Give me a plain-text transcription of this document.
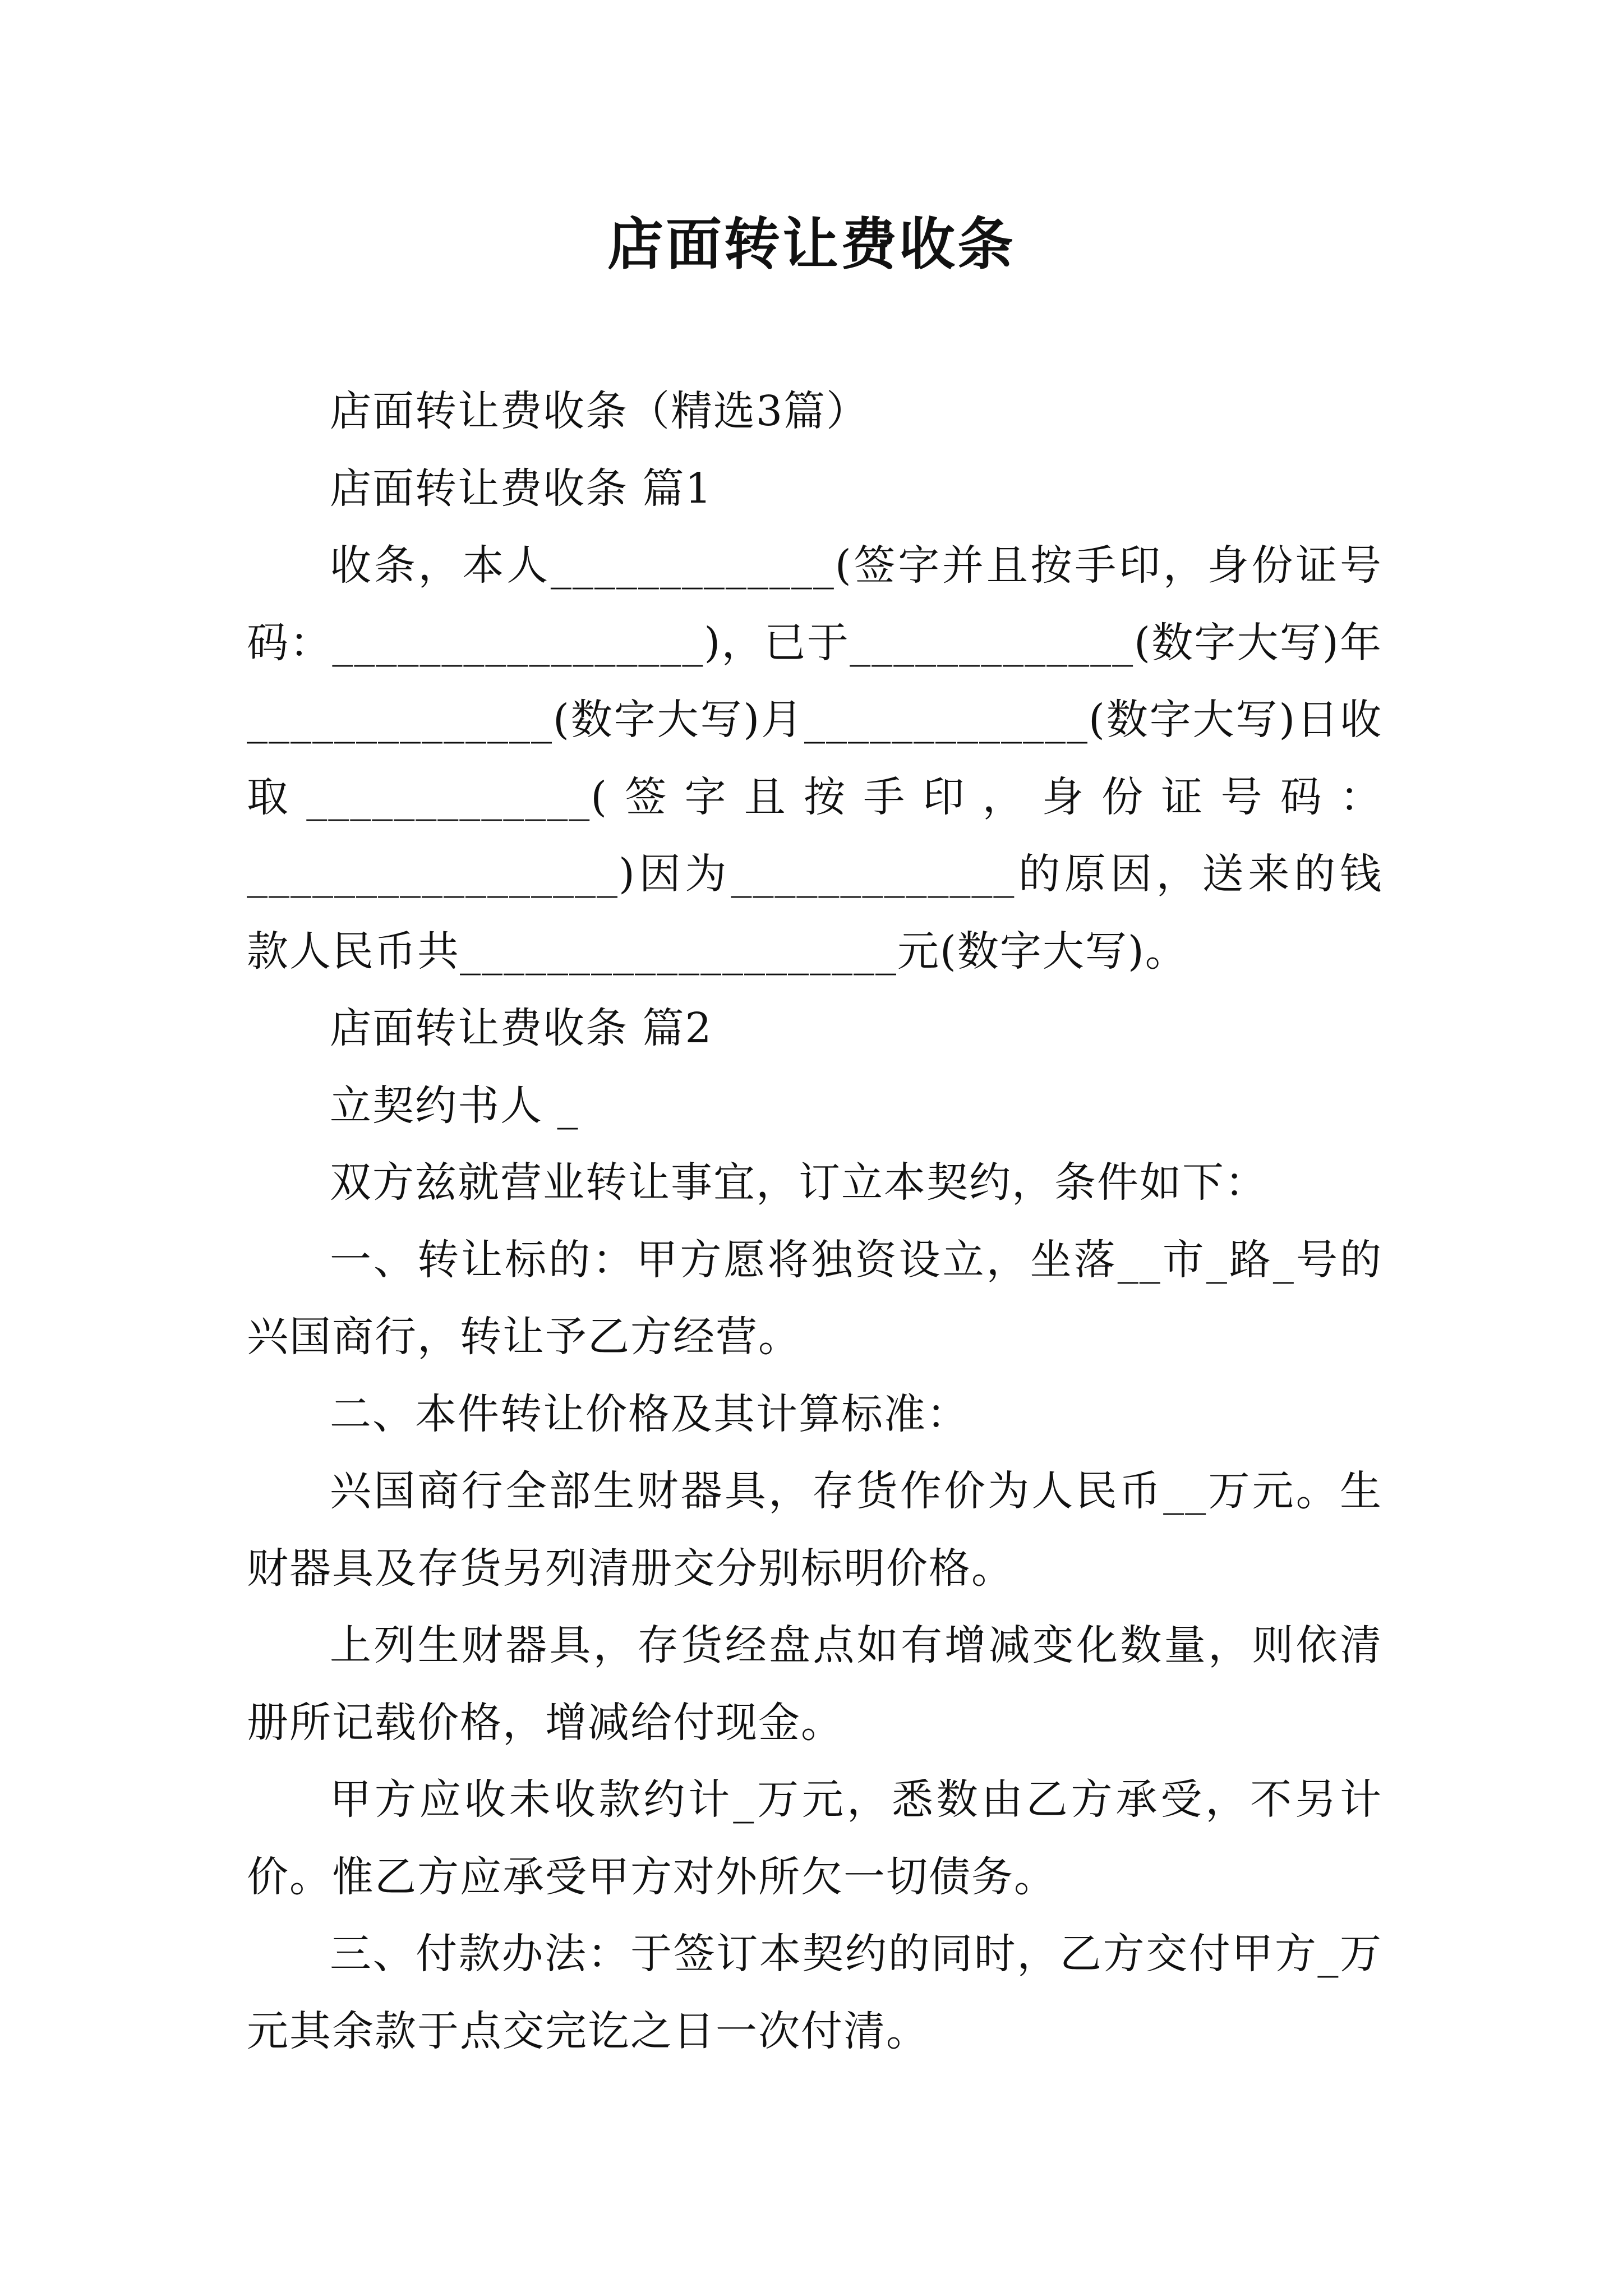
店面转让费收条

店面转让费收条（精选3篇）

店面转让费收条 篇1

收条，本人_____________(签字并且按手印，身份证号码：_________________)，已于_____________(数字大写)年______________(数字大写)月_____________(数字大写)日收取_____________(签字且按手印，身份证号码：_________________)因为_____________的原因，送来的钱款人民币共____________________元(数字大写)。

店面转让费收条 篇2

立契约书人 _

双方兹就营业转让事宜，订立本契约，条件如下：

一、转让标的：甲方愿将独资设立，坐落__市_路_号的兴国商行，转让予乙方经营。

二、本件转让价格及其计算标准：

兴国商行全部生财器具，存货作价为人民币__万元。生财器具及存货另列清册交分别标明价格。

上列生财器具，存货经盘点如有增减变化数量，则依清册所记载价格，增减给付现金。

甲方应收未收款约计_万元，悉数由乙方承受，不另计价。惟乙方应承受甲方对外所欠一切债务。

三、付款办法：于签订本契约的同时，乙方交付甲方_万元其余款于点交完讫之日一次付清。
